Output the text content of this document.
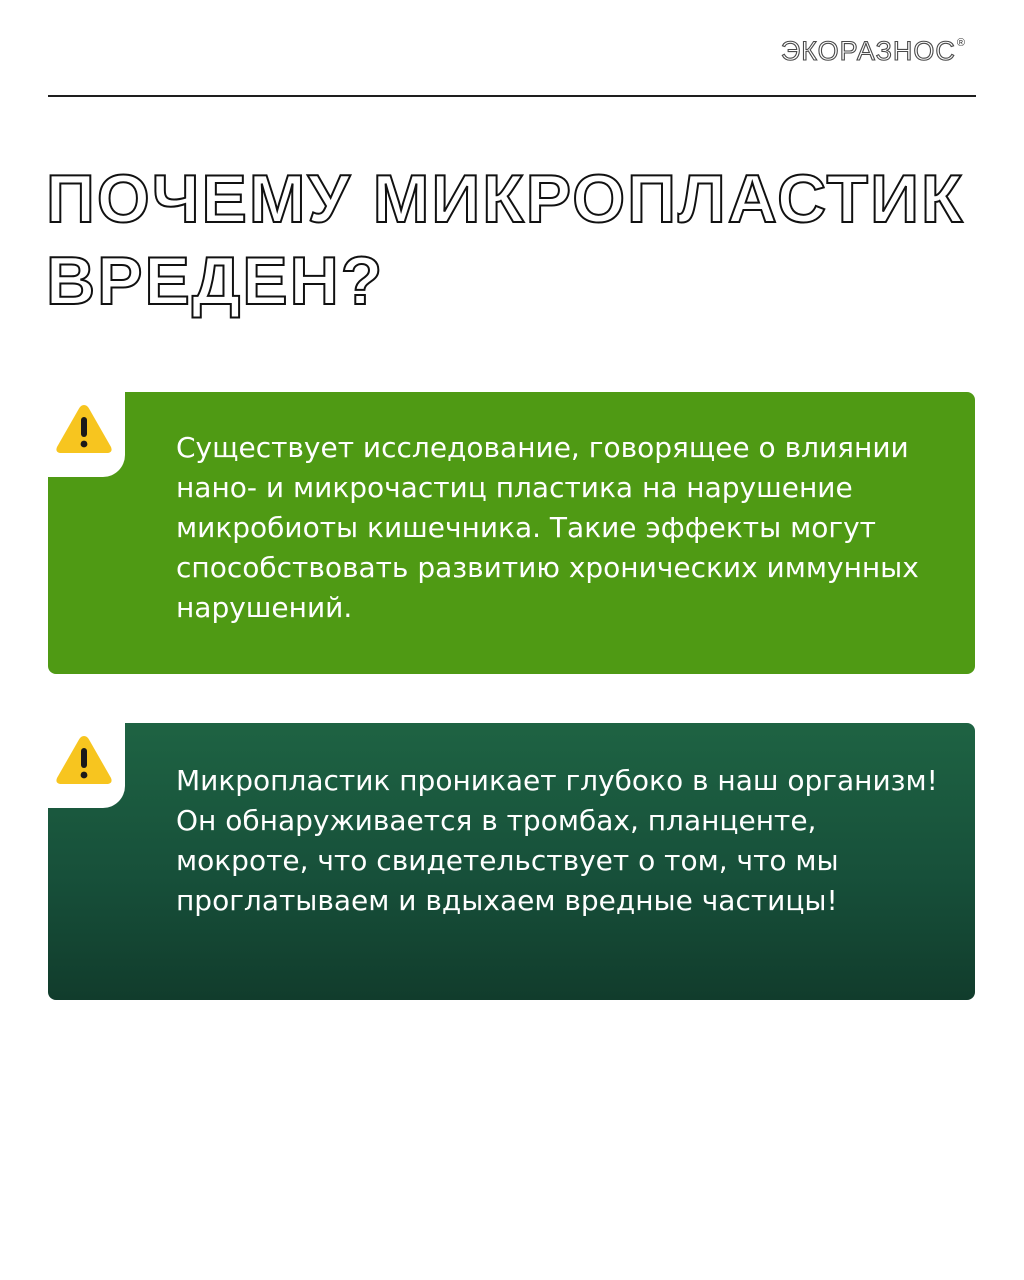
ЭКОРАЗНОС®
ПОЧЕМУ МИКРОПЛАСТИК
ВРЕДЕН?
Существует исследование, говорящее о влиянии нано- и микрочастиц пластика на нарушение микробиоты кишечника. Такие эффекты могут способствовать развитию хронических иммунных нарушений.
Микропластик проникает глубоко в наш организм! Он обнаруживается в тромбах, планценте, мокроте, что свидетельствует о том, что мы проглатываем и вдыхаем вредные частицы!
